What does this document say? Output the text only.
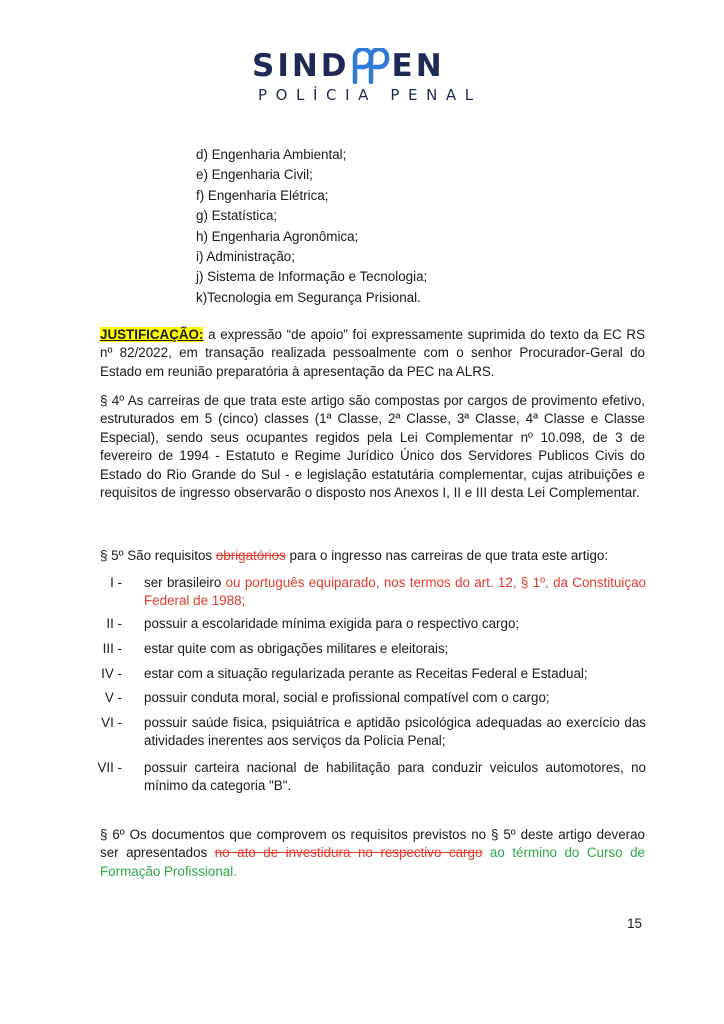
SIND EN
POLÍCIA PENAL
d) Engenharia Ambiental;
e) Engenharia Civil;
f) Engenharia Elétrica;
g) Estatística;
h) Engenharia Agronômica;
i) Administração;
j) Sistema de Informação e Tecnologia;
k)Tecnologia em Segurança Prisional.
JUSTIFICAÇÃO: a expressão “de apoio” foi expressamente suprimida do texto da EC RS nº 82/2022, em transação realizada pessoalmente com o senhor Procurador-Geral do Estado em reunião preparatória à apresentação da PEC na ALRS.
§ 4º As carreiras de que trata este artigo são compostas por cargos de provimento efetivo, estruturados em 5 (cinco) classes (1ª Classe, 2ª Classe, 3ª Classe, 4ª Classe e Classe Especial), sendo seus ocupantes regidos pela Lei Complementar nº 10.098, de 3 de fevereiro de 1994 - Estatuto e Regime Jurídico Único dos Servidores Publicos Civis do Estado do Rio Grande do Sul - e legislação estatutária complementar, cujas atribuições e requisitos de ingresso observarão o disposto nos Anexos I, II e III desta Lei Complementar.
§ 5º São requisitos obrigatórios para o ingresso nas carreiras de que trata este artigo:
I - ser brasileiro ou português equiparado, nos termos do art. 12, § 1º, da Constituiçao Federal de 1988;
II - possuir a escolaridade mínima exigida para o respectivo cargo;
III - estar quite com as obrigações militares e eleitorais;
IV - estar com a situação regularizada perante as Receitas Federal e Estadual;
V - possuir conduta moral, social e profissional compatível com o cargo;
VI - possuir saúde fisica, psiquiátrica e aptidão psicológica adequadas ao exercício das atividades inerentes aos serviços da Polícia Penal;
VII - possuir carteira nacional de habilitação para conduzir veiculos automotores, no mínimo da categoria "B".
§ 6º Os documentos que comprovem os requisitos previstos no § 5º deste artigo deverao ser apresentados no ato de investidura no respectivo cargo ao término do Curso de Formação Profissional.
15
